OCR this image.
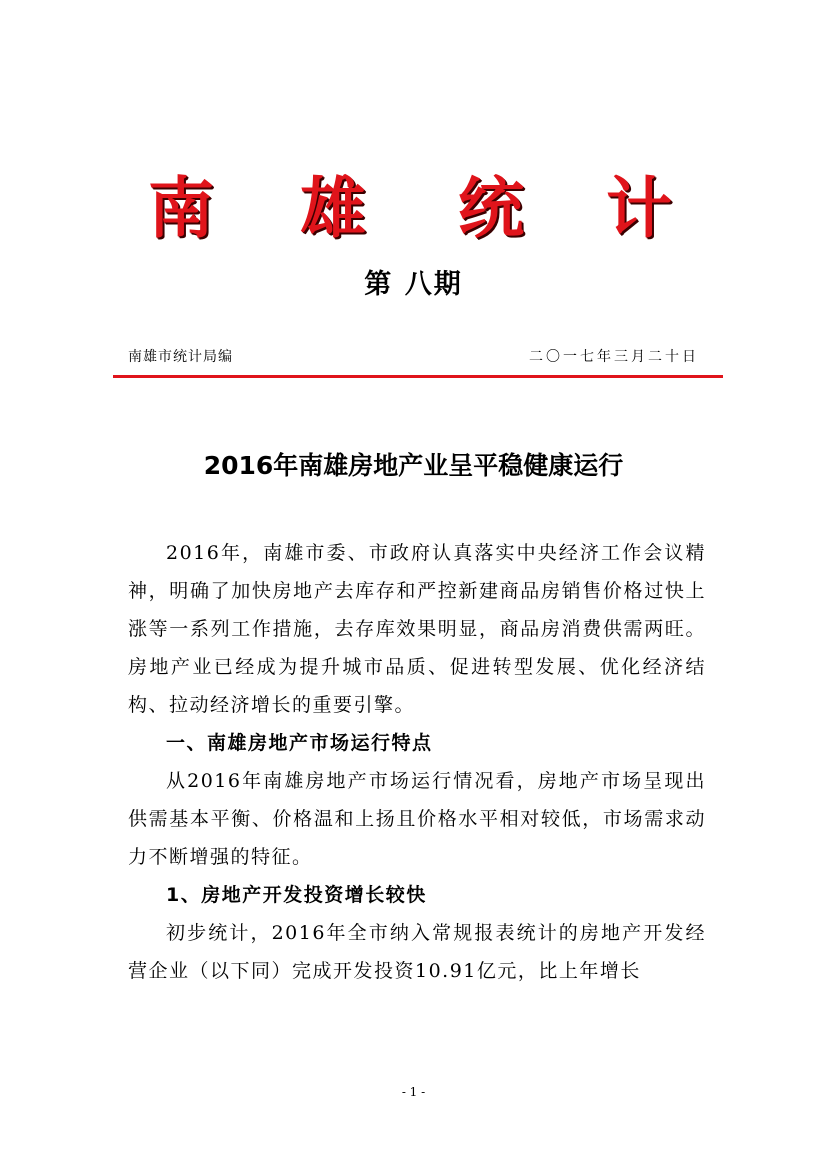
南 雄 统 计
第 八期
南雄市统计局编	二〇一七年三月二十日
2016年南雄房地产业呈平稳健康运行

2016年，南雄市委、市政府认真落实中央经济工作会议精神，明确了加快房地产去库存和严控新建商品房销售价格过快上涨等一系列工作措施，去存库效果明显，商品房消费供需两旺。房地产业已经成为提升城市品质、促进转型发展、优化经济结构、拉动经济增长的重要引擎。

一、南雄房地产市场运行特点

从2016年南雄房地产市场运行情况看，房地产市场呈现出供需基本平衡、价格温和上扬且价格水平相对较低，市场需求动力不断增强的特征。

1、房地产开发投资增长较快

初步统计，2016年全市纳入常规报表统计的房地产开发经营企业（以下同）完成开发投资10.91亿元，比上年增长

- 1 -
